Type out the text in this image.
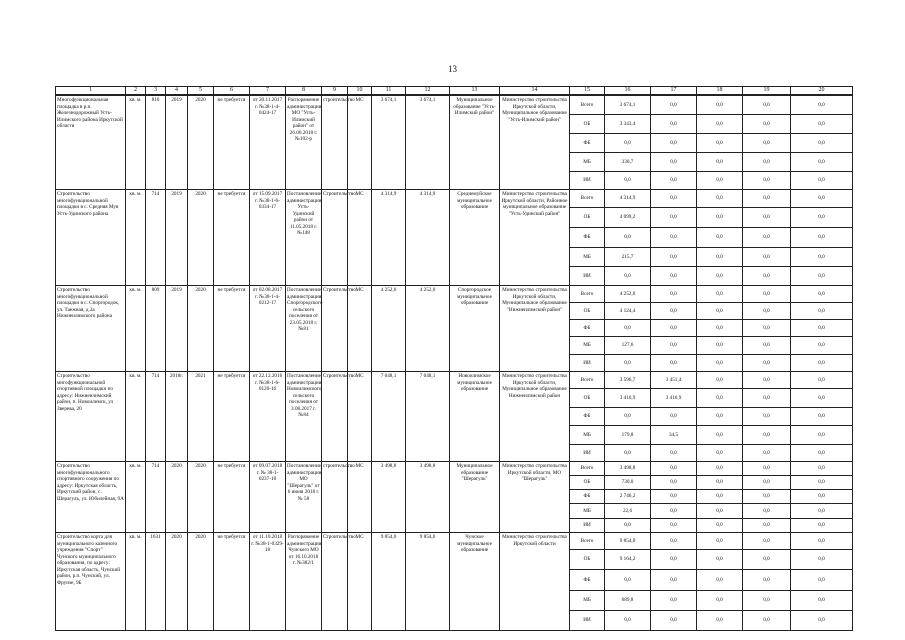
13
1	2	3	4	5	6	7	8	9	10	11	12	13	14	15	16	17	18	19	20
Многофункциональная площадка в р.п. Железнодорожный Усть-Илимского района Иркутской области	кв. м.	810	2019	2020	не требуется	от 20.11.2017 г. №38-1-4-0424-17	Распоряжение администрации МО "Усть-Илимский район" от 26.06.2018 г. №102-р	строительство	МС	3 674,1	3 674,1	Муниципальное образование "Усть-Илимский район"	Министерство строительства Иркутской области, Муниципальное образование "Усть-Илимский район"	Всего	3 674,1	0,0	0,0	0,0	0,0
														ОБ	3 343,4	0,0	0,0	0,0	0,0
														ФБ	0,0	0,0	0,0	0,0	0,0
														МБ	330,7	0,0	0,0	0,0	0,0
														ИИ	0,0	0,0	0,0	0,0	0,0
Строительство многофункциональной площадки в с. Средняя Муя Усть-Удинского района	кв. м.	714	2019	2020	не требуется	от 15.09.2017 г. №38-1-6-0334-17	Постановление администрации Усть-Удинский район от 11.05.2018 г. №148	Строительство	МС	4 314,9	4 314,9	Среднемуйское муниципальное образование	Министерство строительства Иркутской области, Районное муниципальное образование "Усть-Удинский район"	Всего	4 314,9	0,0	0,0	0,0	0,0
														ОБ	4 099,2	0,0	0,0	0,0	0,0
														ФБ	0,0	0,0	0,0	0,0	0,0
														МБ	215,7	0,0	0,0	0,0	0,0
														ИИ	0,0	0,0	0,0	0,0	0,0
Строительство многофункциональной площадки в с. Споргородок, ул. Таежная, д.3а Нижнеилимского района	кв. м.	809	2019	2020	не требуется	от 02.08.2017 г. №38-1-4-0212-17	Постановление администрации Споргородского сельского поселения от 23.05.2018 г. №81	Строительство	МС	4 252,0	4 252,0	Споргородское муниципальное образование	Министерство строительства Иркутской области, Муниципальное образование "Нижнеилимский район"	Всего	4 252,0	0,0	0,0	0,0	0,0
														ОБ	4 124,4	0,0	0,0	0,0	0,0
														ФБ	0,0	0,0	0,0	0,0	0,0
														МБ	127,6	0,0	0,0	0,0	0,0
														ИИ	0,0	0,0	0,0	0,0	0,0
Строительство мнгофункциональной спортивной площадки по адресу: Нижнеилимский район, п. Новоилимск, ул Зверева, 20	кв. м.	714	2018г.	2021	не требуется	от 22.12.2016 г. №38-1-6-0120-16	Постановление администрации Новоилимского сельского поселения от 3.08.2017 г. №84	Строительство	МС	7 048,1	7 048,1	Новоилимское муниципальное образование	Министерство строительства Иркутской области, Муниципальное образование Нижнеилимский район	Всего	3 596,7	3 451,4	0,0	0,0	0,0
														ОБ	3 416,9	3 416,9	0,0	0,0	0,0
														ФБ	0,0	0,0	0,0	0,0	0,0
														МБ	179,8	34,5	0,0	0,0	0,0
														ИИ	0,0	0,0	0,0	0,0	0,0
Строительство многофункционального спортивного сооружения по адресу: Иркутская область, Иркутский район, с. Шерагуль, ул. Юбилейная, 9А	кв. м.	714	2020	2020	не требуется	от 09.07.2018 г. № 38-1-0237-18	Постановление администрации МО "Шерагуль" от 6 июня 2018 г. № 58	строительство	МС	3 498,8	3 498,8	Муниципальное образование "Шерагуль"	Министерство строительства Иркутской области, МО "Шерагуль"	Всего	3 498,8	0,0	0,0	0,0	0,0
														ОБ	730,0	0,0	0,0	0,0	0,0
														ФБ	2 746,2	0,0	0,0	0,0	0,0
														МБ	22,6	0,0	0,0	0,0	0,0
														ИИ	0,0	0,0	0,0	0,0	0,0
Строительство корта для муниципального казенного учреждения "Спорт" Чунского муниципального образования, по адресу: Иркутская область, Чунский район, р.п. Чунский, ул. Фрунзе, 9Б	кв. м.	1631	2020	2020	не требуется	от 11.10.2018 г. №38-1-0329-18	Распоряжение администрации Чунского МО от 16.10.2018 г. №382/1	Строительство	МС	9 854,0	9 854,0	Чунское муниципальное образование	Министерство строительства Иркутской области	Всего	9 854,0	0,0	0,0	0,0	0,0
														ОБ	9 164,2	0,0	0,0	0,0	0,0
														ФБ	0,0	0,0	0,0	0,0	0,0
														МБ	689,8	0,0	0,0	0,0	0,0
														ИИ	0,0	0,0	0,0	0,0	0,0
